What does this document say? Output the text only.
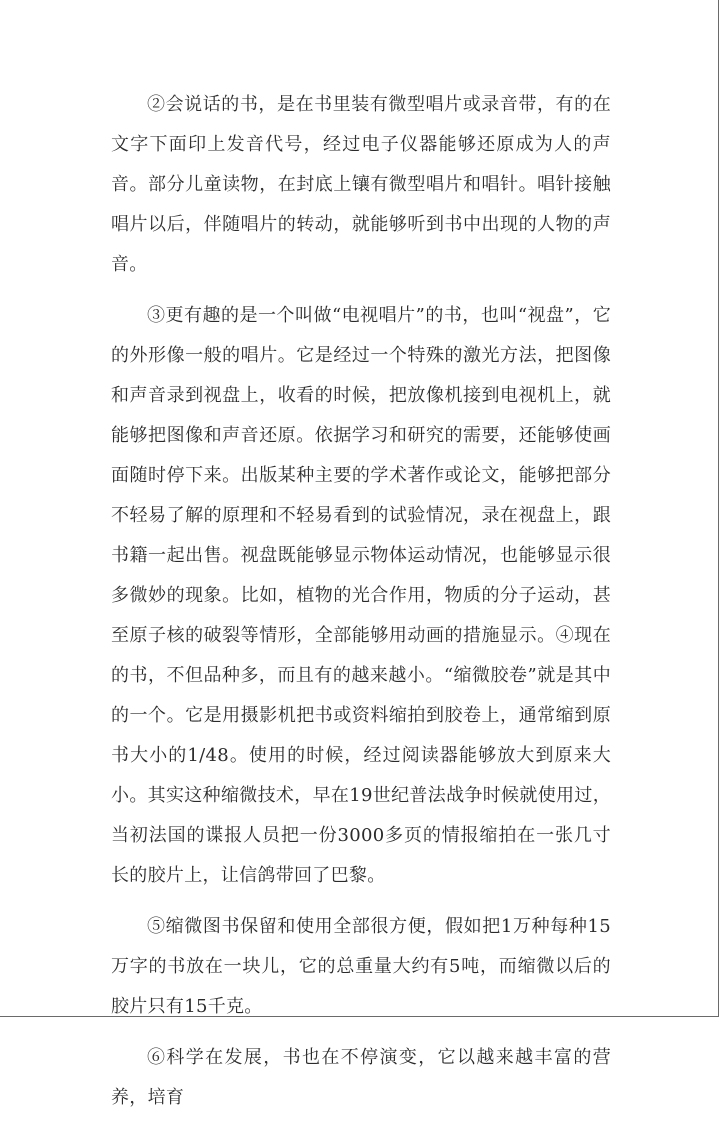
②会说话的书，是在书里装有微型唱片或录音带，有的在文字下面印上发音代号，经过电子仪器能够还原成为人的声音。部分儿童读物，在封底上镶有微型唱片和唱针。唱针接触唱片以后，伴随唱片的转动，就能够听到书中出现的人物的声音。

③更有趣的是一个叫做“电视唱片”的书，也叫“视盘”，它的外形像一般的唱片。它是经过一个特殊的激光方法，把图像和声音录到视盘上，收看的时候，把放像机接到电视机上，就能够把图像和声音还原。依据学习和研究的需要，还能够使画面随时停下来。出版某种主要的学术著作或论文，能够把部分不轻易了解的原理和不轻易看到的试验情况，录在视盘上，跟书籍一起出售。视盘既能够显示物体运动情况，也能够显示很多微妙的现象。比如，植物的光合作用，物质的分子运动，甚至原子核的破裂等情形，全部能够用动画的措施显示。④现在的书，不但品种多，而且有的越来越小。“缩微胶卷”就是其中的一个。它是用摄影机把书或资料缩拍到胶卷上，通常缩到原书大小的1/48。使用的时候，经过阅读器能够放大到原来大小。其实这种缩微技术，早在19世纪普法战争时候就使用过，当初法国的谍报人员把一份3000多页的情报缩拍在一张几寸长的胶片上，让信鸽带回了巴黎。

⑤缩微图书保留和使用全部很方便，假如把1万种每种15万字的书放在一块儿，它的总重量大约有5吨，而缩微以后的胶片只有15千克。

⑥科学在发展，书也在不停演变，它以越来越丰富的营养，培育
